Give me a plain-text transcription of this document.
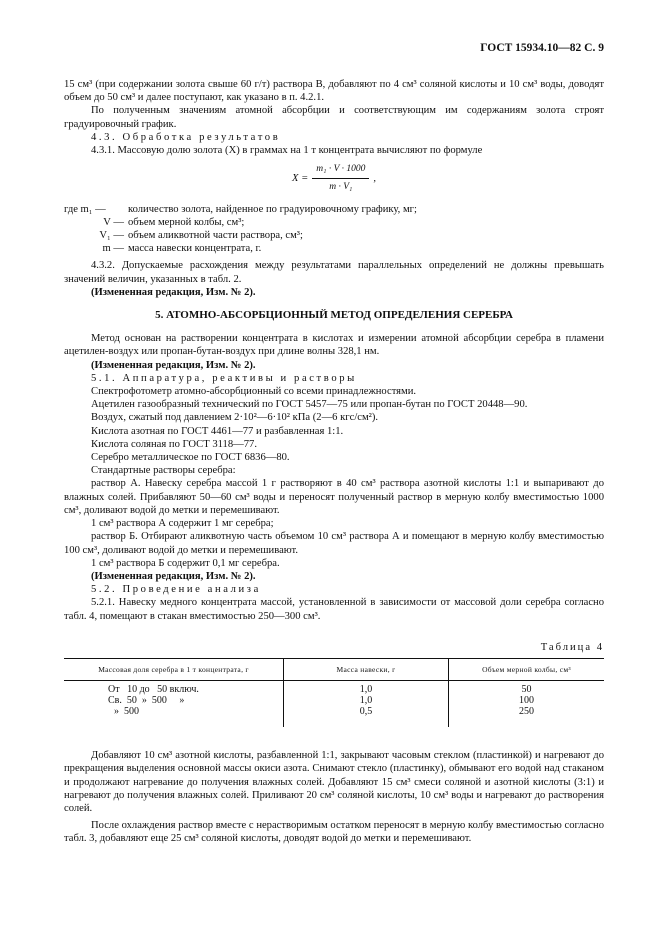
ГОСТ 15934.10—82 С. 9

15 см³ (при содержании золота свыше 60 г/т) раствора В, добавляют по 4 см³ соляной кислоты и 10 см³ воды, доводят объем до 50 см³ и далее поступают, как указано в п. 4.2.1.

По полученным значениям атомной абсорбции и соответствующим им содержаниям золота строят градуировочный график.

4.3. Обработка результатов

4.3.1. Массовую долю золота (X) в граммах на 1 т концентрата вычисляют по формуле

$X = \frac{\text{m₁ · V · 1000}}{\text{m · V₁}}$ ,
где m₁ —	количество золота, найденное по градуировочному графику, мг;
V — объем мерной колбы, см³;
V₁ — объем аликвотной части раствора, см³;
m — масса навески концентрата, г.

4.3.2. Допускаемые расхождения между результатами параллельных определений не должны превышать значений величин, указанных в табл. 2.

(Измененная редакция, Изм. № 2).

5. АТОМНО-АБСОРБЦИОННЫЙ МЕТОД ОПРЕДЕЛЕНИЯ СЕРЕБРА

Метод основан на растворении концентрата в кислотах и измерении атомной абсорбции серебра в пламени ацетилен-воздух или пропан-бутан-воздух при длине волны 328,1 нм.

(Измененная редакция, Изм. № 2).

5.1. Аппаратура, реактивы и растворы

Спектрофотометр атомно-абсорбционный со всеми принадлежностями.

Ацетилен газообразный технический по ГОСТ 5457—75 или пропан-бутан по ГОСТ 20448—90.

Воздух, сжатый под давлением 2·10²—6·10² кПа (2—6 кгс/см²).

Кислота азотная по ГОСТ 4461—77 и разбавленная 1:1.

Кислота соляная по ГОСТ 3118—77.

Серебро металлическое по ГОСТ 6836—80.

Стандартные растворы серебра:

раствор А. Навеску серебра массой 1 г растворяют в 40 см³ раствора азотной кислоты 1:1 и выпаривают до влажных солей. Прибавляют 50—60 см³ воды и переносят полученный раствор в мерную колбу вместимостью 1000 см³, доливают водой до метки и перемешивают.

1 см³ раствора А содержит 1 мг серебра;

раствор Б. Отбирают аликвотную часть объемом 10 см³ раствора А и помещают в мерную колбу вместимостью 100 см³, доливают водой до метки и перемешивают.

1 см³ раствора Б содержит 0,1 мг серебра.

(Измененная редакция, Изм. № 2).

5.2. Проведение анализа

5.2.1. Навеску медного концентрата массой, установленной в зависимости от массовой доли серебра согласно табл. 4, помещают в стакан вместимостью 250—300 см³.

Таблица 4

Массовая доля серебра в 1 т концентрата, г	Масса навески, г	Объем мерной колбы, см³
От   10 до   50 включ.	1,0	50
Св.  50  »  500     »	1,0	100
»  500	0,5	250

Добавляют 10 см³ азотной кислоты, разбавленной 1:1, закрывают часовым стеклом (пластинкой) и нагревают до прекращения выделения основной массы окиси азота. Снимают стекло (пластинку), обмывают его водой над стаканом и продолжают нагревание до получения влажных солей. Добавляют 15 см³ смеси соляной и азотной кислоты (3:1) и нагревают до получения влажных солей. Приливают 20 см³ соляной кислоты, 10 см³ воды и нагревают до растворения солей.

После охлаждения раствор вместе с нерастворимым остатком переносят в мерную колбу вместимостью согласно табл. 3, добавляют еще 25 см³ соляной кислоты, доводят водой до метки и перемешивают.
